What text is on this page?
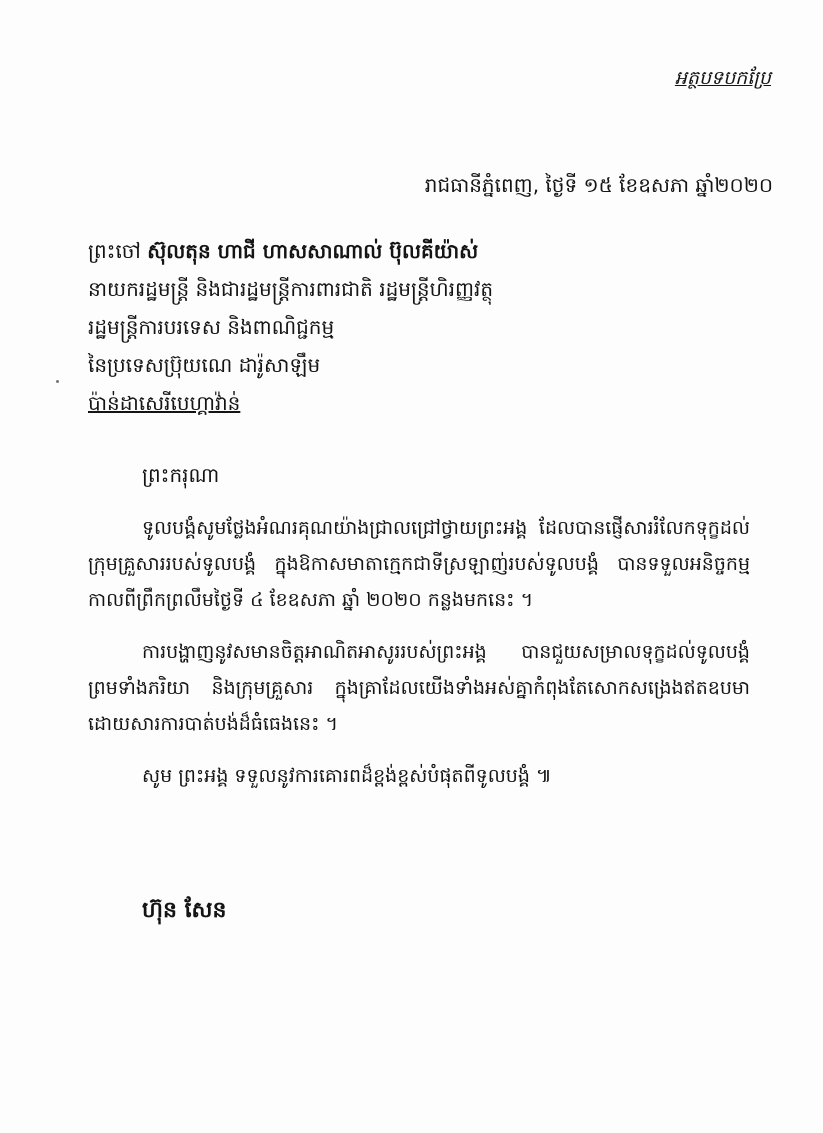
អត្ថបទបកប្រែ
រាជធានីភ្នំពេញ, ថ្ងៃទី ១៥ ខែឧសភា ឆ្នាំ២០២០
ព្រះចៅ ស៊ុលតុន ហាជី ហាសសាណាល់ ប៊ុលគីយ៉ាស់
នាយករដ្ឋមន្ត្រី និងជារដ្ឋមន្ត្រីការពារជាតិ រដ្ឋមន្ត្រីហិរញ្ញវត្ថុ
រដ្ឋមន្ត្រីការបរទេស និងពាណិជ្ជកម្ម
នៃប្រទេសប្រ៊ុយណេ ដារ៉ូសាឡឹម
ប៉ាន់ដាសេរីបេហ្គាវ៉ាន់
ព្រះករុណា

ទូលបង្គំសូមថ្លែងអំណរគុណយ៉ាងជ្រាលជ្រៅថ្វាយព្រះអង្គ ដែលបានផ្ញើសាររំលែកទុក្ខដល់ក្រុមគ្រួសាររបស់ទូលបង្គំ ក្នុងឱកាសមាតាក្មេកជាទីស្រឡាញ់របស់ទូលបង្គំ បានទទួលអនិច្ចកម្មកាលពីព្រឹកព្រលឹមថ្ងៃទី ៤ ខែឧសភា ឆ្នាំ ២០២០ កន្លងមកនេះ ។

ការបង្ហាញនូវសមានចិត្តអាណិតអាសូររបស់ព្រះអង្គ បានជួយសម្រាលទុក្ខដល់ទូលបង្គំ ព្រមទាំងភរិយា និងក្រុមគ្រួសារ ក្នុងគ្រាដែលយើងទាំងអស់គ្នាកំពុងតែសោកសង្រេងឥតឧបមា ដោយសារការបាត់បង់ដ៏ធំធេងនេះ ។

សូម ព្រះអង្គ ទទួលនូវការគោរពដ៏ខ្ពង់ខ្ពស់បំផុតពីទូលបង្គំ ៕

ហ៊ុន សែន
